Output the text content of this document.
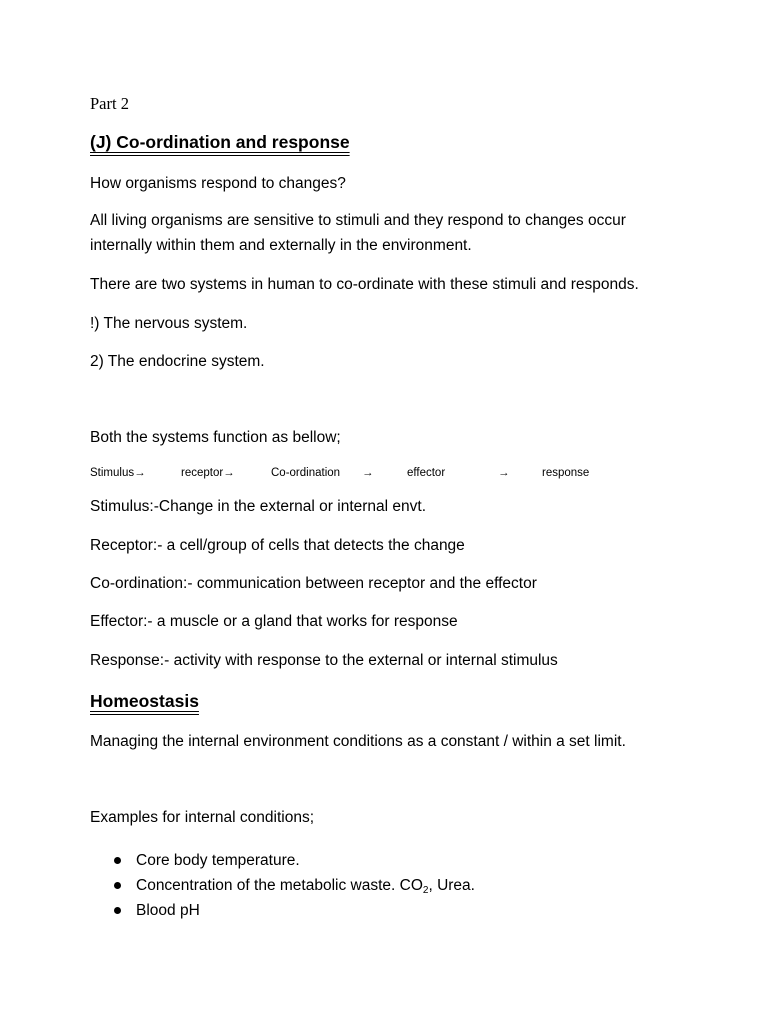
Part 2
(J) Co-ordination and response
How organisms respond to changes?
All living organisms are sensitive to stimuli and they respond to changes occur
internally within them and externally in the environment.
There are two systems in human to co-ordinate with these stimuli and responds.
!) The nervous system.
2) The endocrine system.
Both the systems function as bellow;
Stimulus→	receptor→	Co-ordination →	effector	→	response
Stimulus:-Change in the external or internal envt.
Receptor:- a cell/group of cells that detects the change
Co-ordination:- communication between receptor and the effector
Effector:- a muscle or a gland that works for response
Response:- activity with response to the external or internal stimulus
Homeostasis
Managing the internal environment conditions as a constant / within a set limit.
Examples for internal conditions;
Core body temperature.
Concentration of the metabolic waste. $CO_2$, Urea.
Blood pH
